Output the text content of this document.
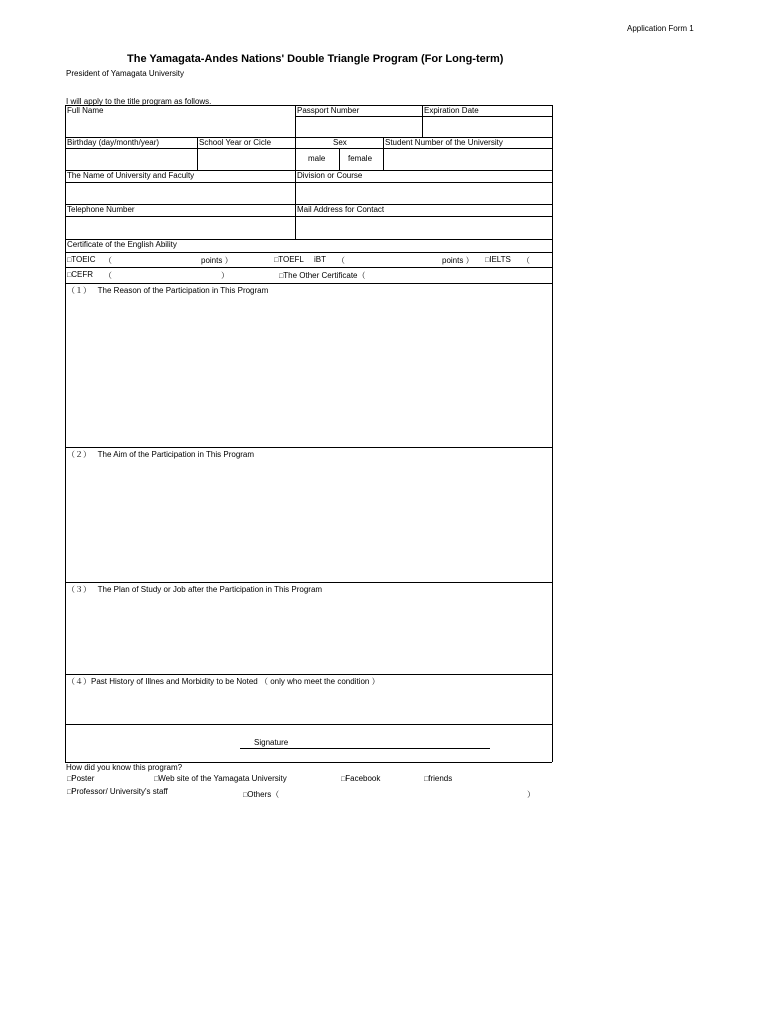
Application Form 1
The Yamagata-Andes Nations' Double Triangle Program (For Long-term)
President of Yamagata University
I will apply to the title program as follows.
Full Name	Passport Number	Expiration Date
Birthday (day/month/year)	School Year or Cicle	Sex	Student Number of the University
male	female
The Name of University and Faculty	Division or Course
Telephone Number	Mail Address for Contact
Certificate of the English Ability
□TOEIC （	points ）	□TOEFL iBT （	points ） □IELTS （
□CEFR （	）	□The Other Certificate（
（１） The Reason of the Participation in This Program
（２） The Aim of the Participation in This Program
（３） The Plan of Study or Job after the Participation in This Program
（４）Past History of Illnes and Morbidity to be Noted （ only who meet the condition ）
Signature
How did you know this program?
□Poster	□Web site of the Yamagata University	□Facebook	□friends
□Professor/ University's staff	□Others（	）
